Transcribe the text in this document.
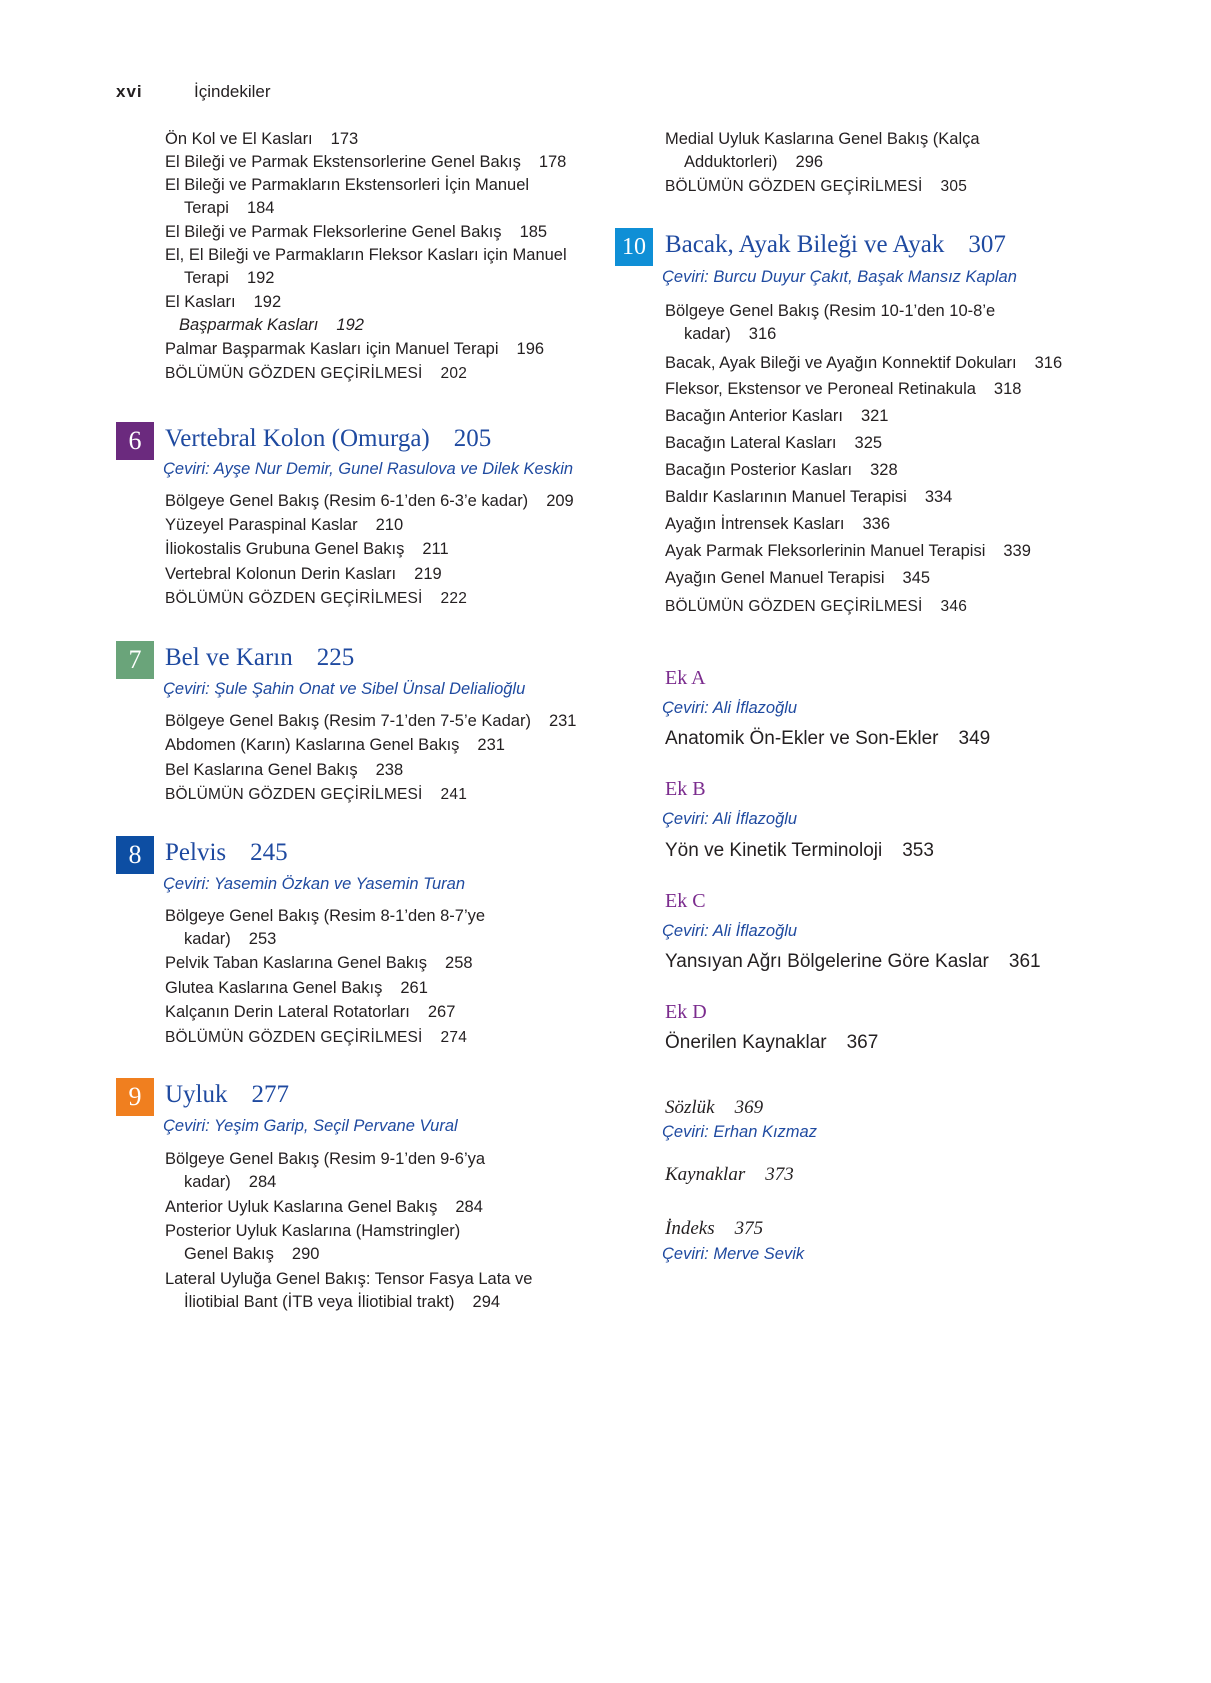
xvi	İçindekiler
Ön Kol ve El Kasları 173
El Bileği ve Parmak Ekstensorlerine Genel Bakış 178
El Bileği ve Parmakların Ekstensorleri İçin Manuel
Terapi 184
El Bileği ve Parmak Fleksorlerine Genel Bakış 185
El, El Bileği ve Parmakların Fleksor Kasları için Manuel
Terapi 192
El Kasları 192
Başparmak Kasları 192
Palmar Başparmak Kasları için Manuel Terapi 196
BÖLÜMÜN GÖZDEN GEÇİRİLMESİ 202
6 Vertebral Kolon (Omurga) 205
Çeviri: Ayşe Nur Demir, Gunel Rasulova ve Dilek Keskin
Bölgeye Genel Bakış (Resim 6-1’den 6-3’e kadar) 209
Yüzeyel Paraspinal Kaslar 210
İliokostalis Grubuna Genel Bakış 211
Vertebral Kolonun Derin Kasları 219
BÖLÜMÜN GÖZDEN GEÇİRİLMESİ 222
7 Bel ve Karın 225
Çeviri: Şule Şahin Onat ve Sibel Ünsal Delialioğlu
Bölgeye Genel Bakış (Resim 7-1’den 7-5’e Kadar) 231
Abdomen (Karın) Kaslarına Genel Bakış 231
Bel Kaslarına Genel Bakış 238
BÖLÜMÜN GÖZDEN GEÇİRİLMESİ 241
8 Pelvis 245
Çeviri: Yasemin Özkan ve Yasemin Turan
Bölgeye Genel Bakış (Resim 8-1’den 8-7’ye
kadar) 253
Pelvik Taban Kaslarına Genel Bakış 258
Glutea Kaslarına Genel Bakış 261
Kalçanın Derin Lateral Rotatorları 267
BÖLÜMÜN GÖZDEN GEÇİRİLMESİ 274
9 Uyluk 277
Çeviri: Yeşim Garip, Seçil Pervane Vural
Bölgeye Genel Bakış (Resim 9-1’den 9-6’ya
kadar) 284
Anterior Uyluk Kaslarına Genel Bakış 284
Posterior Uyluk Kaslarına (Hamstringler)
Genel Bakış 290
Lateral Uyluğa Genel Bakış: Tensor Fasya Lata ve
İliotibial Bant (İTB veya İliotibial trakt) 294
Medial Uyluk Kaslarına Genel Bakış (Kalça
Adduktorleri) 296
BÖLÜMÜN GÖZDEN GEÇİRİLMESİ 305
10 Bacak, Ayak Bileği ve Ayak 307
Çeviri: Burcu Duyur Çakıt, Başak Mansız Kaplan
Bölgeye Genel Bakış (Resim 10-1’den 10-8’e
kadar) 316
Bacak, Ayak Bileği ve Ayağın Konnektif Dokuları 316
Fleksor, Ekstensor ve Peroneal Retinakula 318
Bacağın Anterior Kasları 321
Bacağın Lateral Kasları 325
Bacağın Posterior Kasları 328
Baldır Kaslarının Manuel Terapisi 334
Ayağın İntrensek Kasları 336
Ayak Parmak Fleksorlerinin Manuel Terapisi 339
Ayağın Genel Manuel Terapisi 345
BÖLÜMÜN GÖZDEN GEÇİRİLMESİ 346
Ek A
Çeviri: Ali İflazoğlu
Anatomik Ön-Ekler ve Son-Ekler 349
Ek B
Çeviri: Ali İflazoğlu
Yön ve Kinetik Terminoloji 353
Ek C
Çeviri: Ali İflazoğlu
Yansıyan Ağrı Bölgelerine Göre Kaslar 361
Ek D
Önerilen Kaynaklar 367
Sözlük 369
Çeviri: Erhan Kızmaz
Kaynaklar 373
İndeks 375
Çeviri: Merve Sevik
